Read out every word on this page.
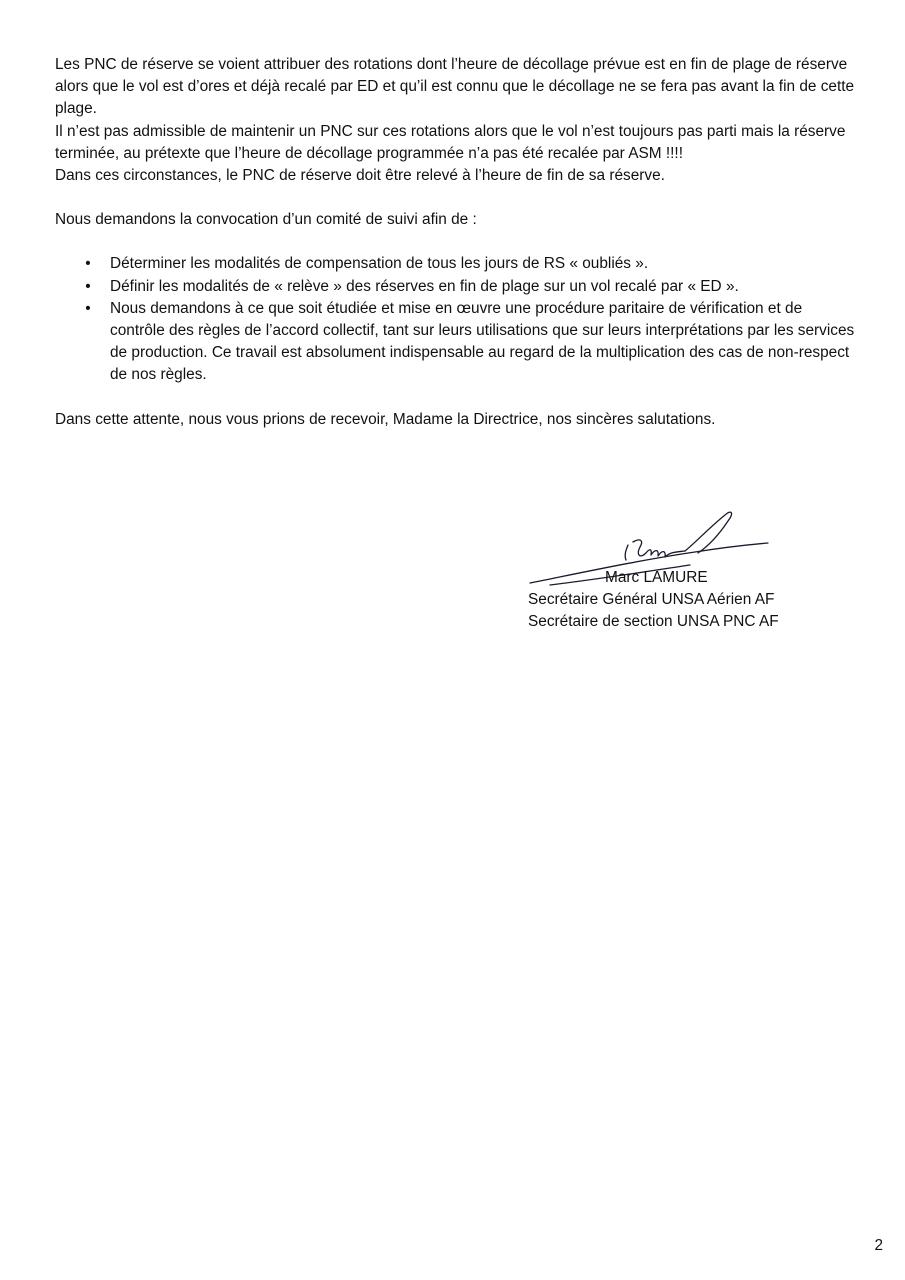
Les PNC de réserve se voient attribuer des rotations dont l’heure de décollage prévue est en fin de plage de réserve alors que le vol est d’ores et déjà recalé par ED et qu’il est connu que le décollage ne se fera pas avant la fin de cette plage.

Il n’est pas admissible de maintenir un PNC sur ces rotations alors que le vol n’est toujours pas parti mais la réserve terminée, au prétexte que l’heure de décollage programmée n’a pas été recalée par ASM !!!!

Dans ces circonstances, le PNC de réserve doit être relevé à l’heure de fin de sa réserve.

Nous demandons la convocation d’un comité de suivi afin de :

• Déterminer les modalités de compensation de tous les jours de RS « oubliés ».
• Définir les modalités de « relève » des réserves en fin de plage sur un vol recalé par « ED ».
• Nous demandons à ce que soit étudiée et mise en œuvre une procédure paritaire de vérification et de contrôle des règles de l’accord collectif, tant sur leurs utilisations que sur leurs interprétations par les services de production. Ce travail est absolument indispensable au regard de la multiplication des cas de non-respect de nos règles.

Dans cette attente, nous vous prions de recevoir, Madame la Directrice, nos sincères salutations.

Marc LAMURE
Secrétaire Général UNSA Aérien AF
Secrétaire de section UNSA PNC AF
2
